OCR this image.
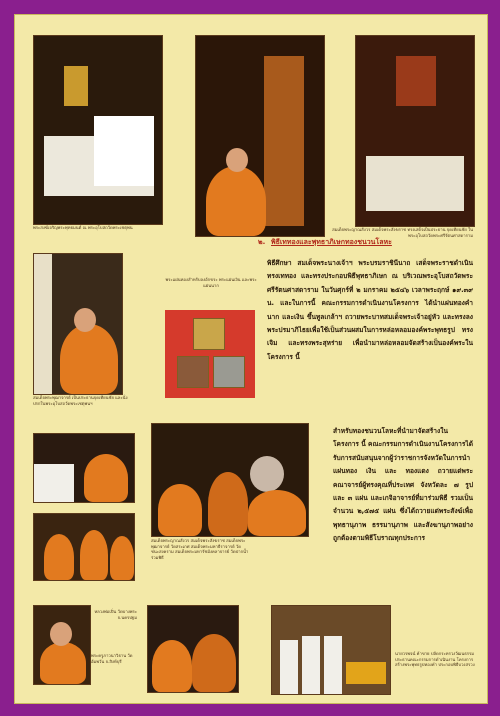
พระสงฆ์เจริญพระพุทธมนต์ ณ พระอุโบสถวัดพระเชตุพน	สมเด็จพระญาณสังวร สมเด็จพระสังฆราช ทรงเสด็จเป็นประธาน จุดเทียนชัย ในพระอุโบสถวัดพระศรีรัตนศาสดาราม
สมเด็จพระพุฒาจารย์ เป็นประธานจุดเทียนชัย และนั่งปรกในพระอุโบสถวัดพระเชตุพนฯ
พระแผ่นทองสำหรับลงอักขระ พระแผ่นเงิน และพระแผ่นนาก
๒. พิธีเททองและพุทธาภิเษกทองชนวนโลหะ
พิธีศึกษา สมเด็จพระนางเจ้าฯ พระบรมราชินีนาถ เสด็จพระราชดำเนินทรงเททอง และทรงประกอบพิธีพุทธาภิเษก ณ บริเวณพระอุโบสถวัดพระศรีรัตนศาสดาราม ในวันศุกร์ที่ ๒ มกราคม ๒๕๔๖ เวลาพระฤกษ์ ๑๙.๓๙ น. และในการนี้ คณะกรรมการดำเนินงานโครงการ ได้นำแผ่นทองคำ นาก และเงิน ขึ้นทูลเกล้าฯ ถวายพระบาทสมเด็จพระเจ้าอยู่หัว และทรงลงพระปรมาภิไธยเพื่อใช้เป็นส่วนผสมในการหล่อหลอมองค์พระพุทธรูป ทรงเจิม และทรงพระสุหร่าย เพื่อนำมาหล่อหลอมจัดสร้างเป็นองค์พระในโครงการ นี้
สมเด็จพระญาณสังวร สมเด็จพระสังฆราช สมเด็จพระพุฒาจารย์ วัดสระเกศ สมเด็จพระมหาธีราจารย์ วัดชนะสงคราม สมเด็จพระมหารัชมังคลาจารย์ วัดปากน้ำ ร่วมพิธี
สำหรับทองชนวนโลหะที่นำมาจัดสร้างในโครงการ นี้ คณะกรรมการดำเนินงานโครงการได้รับการสนับสนุนจากผู้ว่าราชการจังหวัดในการนำแผ่นทอง เงิน และ ทองแดง ถวายแด่พระคณาจารย์ผู้ทรงคุณที่ประเทศ จังหวัดละ ๗ รูป และ ๓ แผ่น และเกจิอาจารย์ที่มาร่วมพิธี รวมเป็นจำนวน ๒,๕๗๕ แผ่น ซึ่งได้ถวายแด่พระสังฆ์เพื่อพุทธานุภาพ ธรรมานุภาพ และสังฆานุภาพอย่างถูกต้องตามพิธีโบราณทุกประการ
หลวงพ่อเปิ่น วัดบางพระ จ.นครปฐม
พระครูภาวนาวิธาน วัดอัมพวัน จ.สิงห์บุรี
นายวรพจน์ ค้าขาย ปลัดกระทรวงวัฒนธรรม ประธานคณะกรรมการดำเนินงาน โครงการสร้างพระพุทธรูปทองคำ ประกอบพิธีบวงสรวง
